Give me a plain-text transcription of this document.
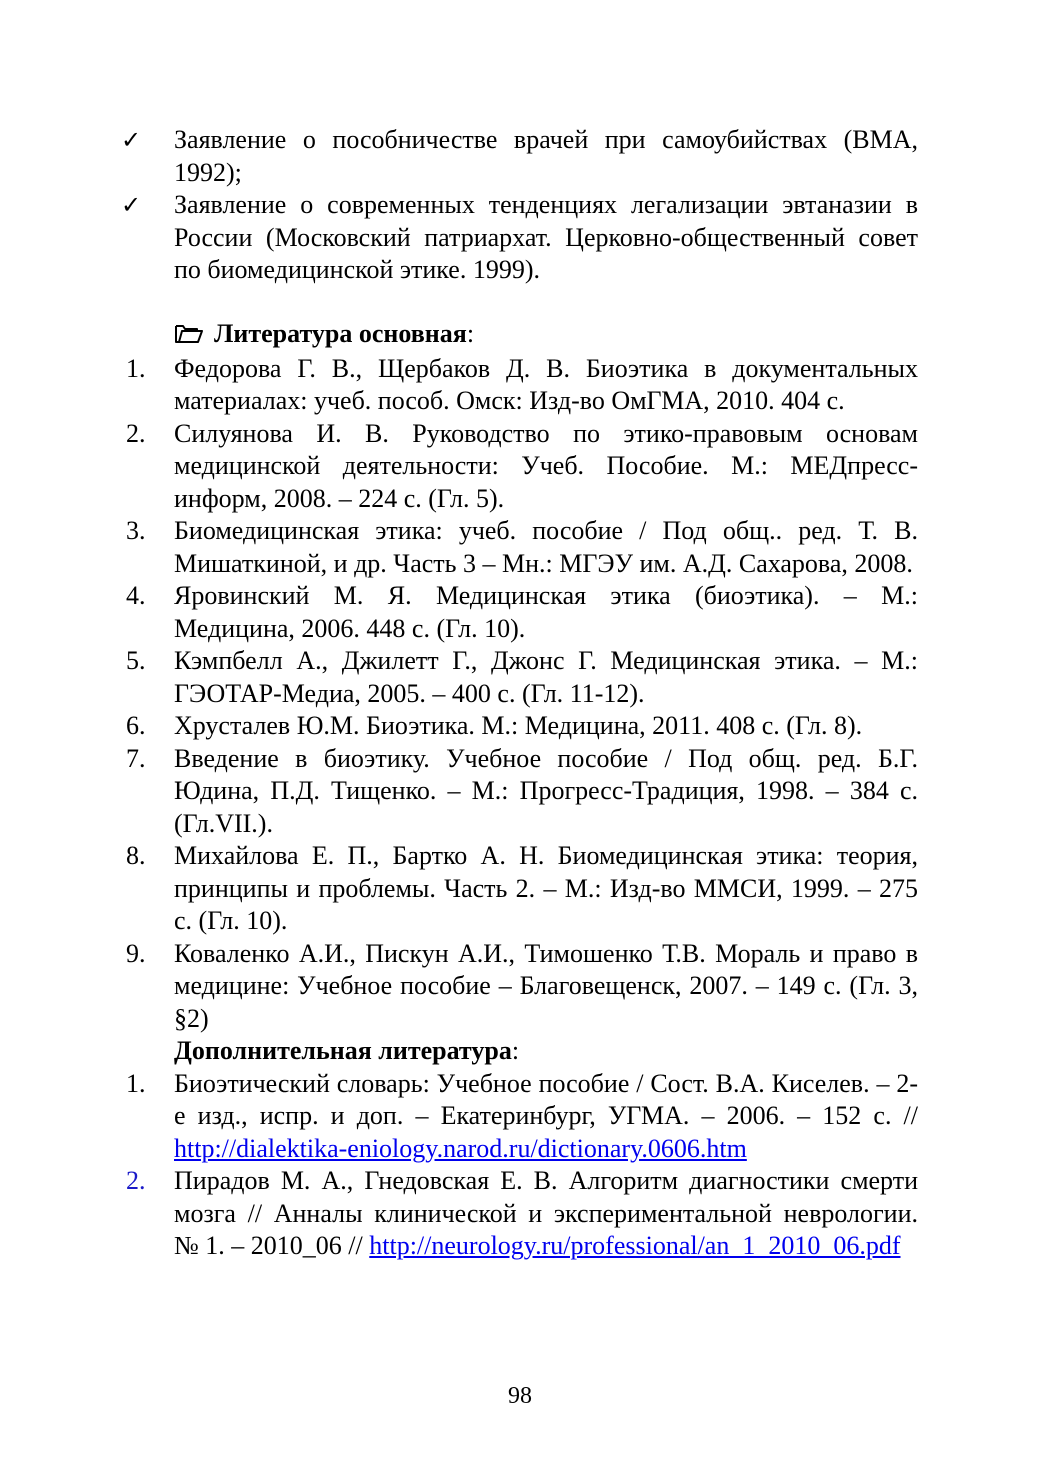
✓ Заявление о пособничестве врачей при самоубийствах (ВМА, 1992);
✓ Заявление о современных тенденциях легализации эвтаназии в России (Московский патриархат. Церковно-общественный совет по биомедицинской этике. 1999).
Литература основная:
1. Федорова Г. В., Щербаков Д. В. Биоэтика в документальных материалах: учеб. пособ. Омск: Изд-во ОмГМА, 2010. 404 с.
2. Силуянова И. В. Руководство по этико-правовым основам медицинской деятельности: Учеб. Пособие. М.: МЕДпресс-информ, 2008. – 224 с. (Гл. 5).
3. Биомедицинская этика: учеб. пособие / Под общ.. ред. Т. В. Мишаткиной, и др. Часть 3 – Мн.: МГЭУ им. А.Д. Сахарова, 2008.
4. Яровинский М. Я. Медицинская этика (биоэтика). – М.: Медицина, 2006. 448 с. (Гл. 10).
5. Кэмпбелл А., Джилетт Г., Джонс Г. Медицинская этика. – М.: ГЭОТАР-Медиа, 2005. – 400 с. (Гл. 11-12).
6. Хрусталев Ю.М. Биоэтика. М.: Медицина, 2011. 408 с. (Гл. 8).
7. Введение в биоэтику. Учебное пособие / Под общ. ред. Б.Г. Юдина, П.Д. Тищенко. – М.: Прогресс-Традиция, 1998. – 384 с. (Гл.VII.).
8. Михайлова Е. П., Бартко А. Н. Биомедицинская этика: теория, принципы и проблемы. Часть 2. – М.: Изд-во ММСИ, 1999. – 275 с. (Гл. 10).
9. Коваленко А.И., Пискун А.И., Тимошенко Т.В. Мораль и право в медицине: Учебное пособие – Благовещенск, 2007. – 149 с. (Гл. 3, §2)
Дополнительная литература:
1. Биоэтический словарь: Учебное пособие / Сост. В.А. Киселев. – 2-е изд., испр. и доп. – Екатеринбург, УГМА. – 2006. – 152 с. // http://dialektika-eniology.narod.ru/dictionary.0606.htm
2. Пирадов М. А., Гнедовская Е. В. Алгоритм диагностики смерти мозга // Анналы клинической и экспериментальной неврологии. № 1. – 2010_06 // http://neurology.ru/professional/an_1_2010_06.pdf
98
